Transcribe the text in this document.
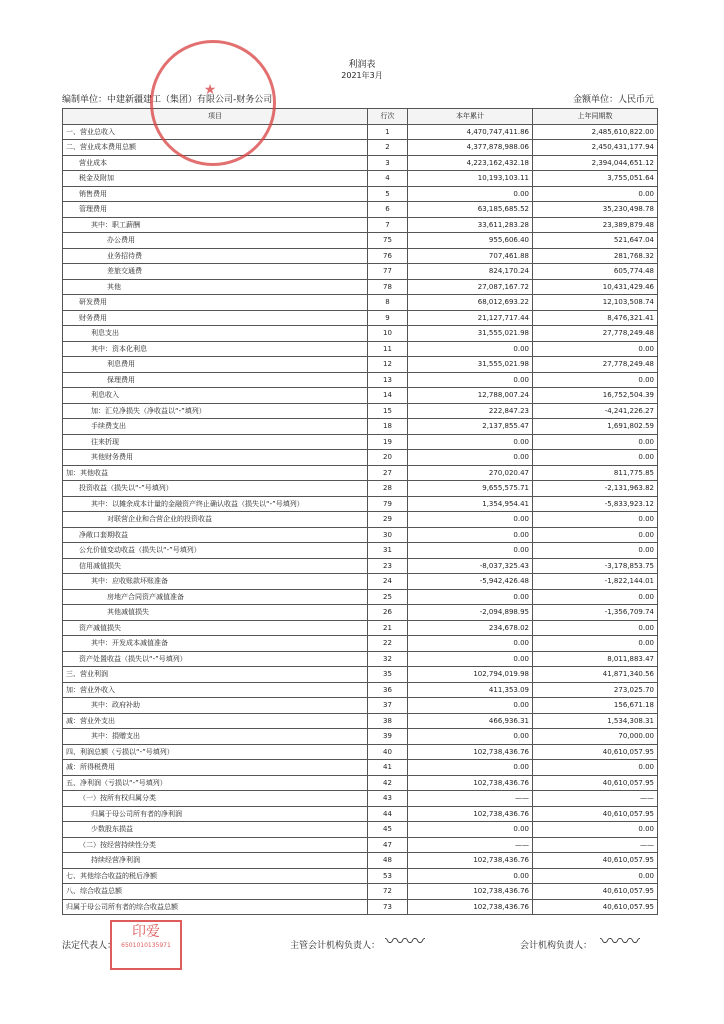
利润表
2021年3月
编制单位：中建新疆建工（集团）有限公司-财务公司	金额单位：人民币元
项目	行次	本年累计	上年同期数
一、营业总收入	1	4,470,747,411.86	2,485,610,822.00
二、营业成本费用总额	2	4,377,878,988.06	2,450,431,177.94
营业成本	3	4,223,162,432.18	2,394,044,651.12
税金及附加	4	10,193,103.11	3,755,051.64
销售费用	5	0.00	0.00
管理费用	6	63,185,685.52	35,230,498.78
其中：职工薪酬	7	33,611,283.28	23,389,879.48
办公费用	75	955,606.40	521,647.04
业务招待费	76	707,461.88	281,768.32
差旅交通费	77	824,170.24	605,774.48
其他	78	27,087,167.72	10,431,429.46
研发费用	8	68,012,693.22	12,103,508.74
财务费用	9	21,127,717.44	8,476,321.41
利息支出	10	31,555,021.98	27,778,249.48
其中：资本化利息	11	0.00	0.00
利息费用	12	31,555,021.98	27,778,249.48
保理费用	13	0.00	0.00
利息收入	14	12,788,007.24	16,752,504.39
加：汇兑净损失（净收益以“-”填列）	15	222,847.23	-4,241,226.27
手续费支出	18	2,137,855.47	1,691,802.59
往来折现	19	0.00	0.00
其他财务费用	20	0.00	0.00
加：其他收益	27	270,020.47	811,775.85
投资收益（损失以“-”号填列）	28	9,655,575.71	-2,131,963.82
其中：以摊余成本计量的金融资产终止确认收益（损失以“-”号填列）	79	1,354,954.41	-5,833,923.12
对联营企业和合营企业的投资收益	29	0.00	0.00
净敞口套期收益	30	0.00	0.00
公允价值变动收益（损失以“-”号填列）	31	0.00	0.00
信用减值损失	23	-8,037,325.43	-3,178,853.75
其中：应收账款坏账准备	24	-5,942,426.48	-1,822,144.01
房地产合同资产减值准备	25	0.00	0.00
其他减值损失	26	-2,094,898.95	-1,356,709.74
资产减值损失	21	234,678.02	0.00
其中：开发成本减值准备	22	0.00	0.00
资产处置收益（损失以“-”号填列）	32	0.00	8,011,883.47
三、营业利润	35	102,794,019.98	41,871,340.56
加：营业外收入	36	411,353.09	273,025.70
其中：政府补助	37	0.00	156,671.18
减：营业外支出	38	466,936.31	1,534,308.31
其中：捐赠支出	39	0.00	70,000.00
四、利润总额（亏损以“-”号填列）	40	102,738,436.76	40,610,057.95
减：所得税费用	41	0.00	0.00
五、净利润（亏损以“-”号填列）	42	102,738,436.76	40,610,057.95
（一）按所有权归属分类	43	——	——
归属于母公司所有者的净利润	44	102,738,436.76	40,610,057.95
少数股东损益	45	0.00	0.00
（二）按经营持续性分类	47	——	——
持续经营净利润	48	102,738,436.76	40,610,057.95
七、其他综合收益的税后净额	53	0.00	0.00
八、综合收益总额	72	102,738,436.76	40,610,057.95
归属于母公司所有者的综合收益总额	73	102,738,436.76	40,610,057.95
★
法定代表人：
印爱
6501010135971	主管会计机构负责人： 〰〰	会计机构负责人： 〰〰
